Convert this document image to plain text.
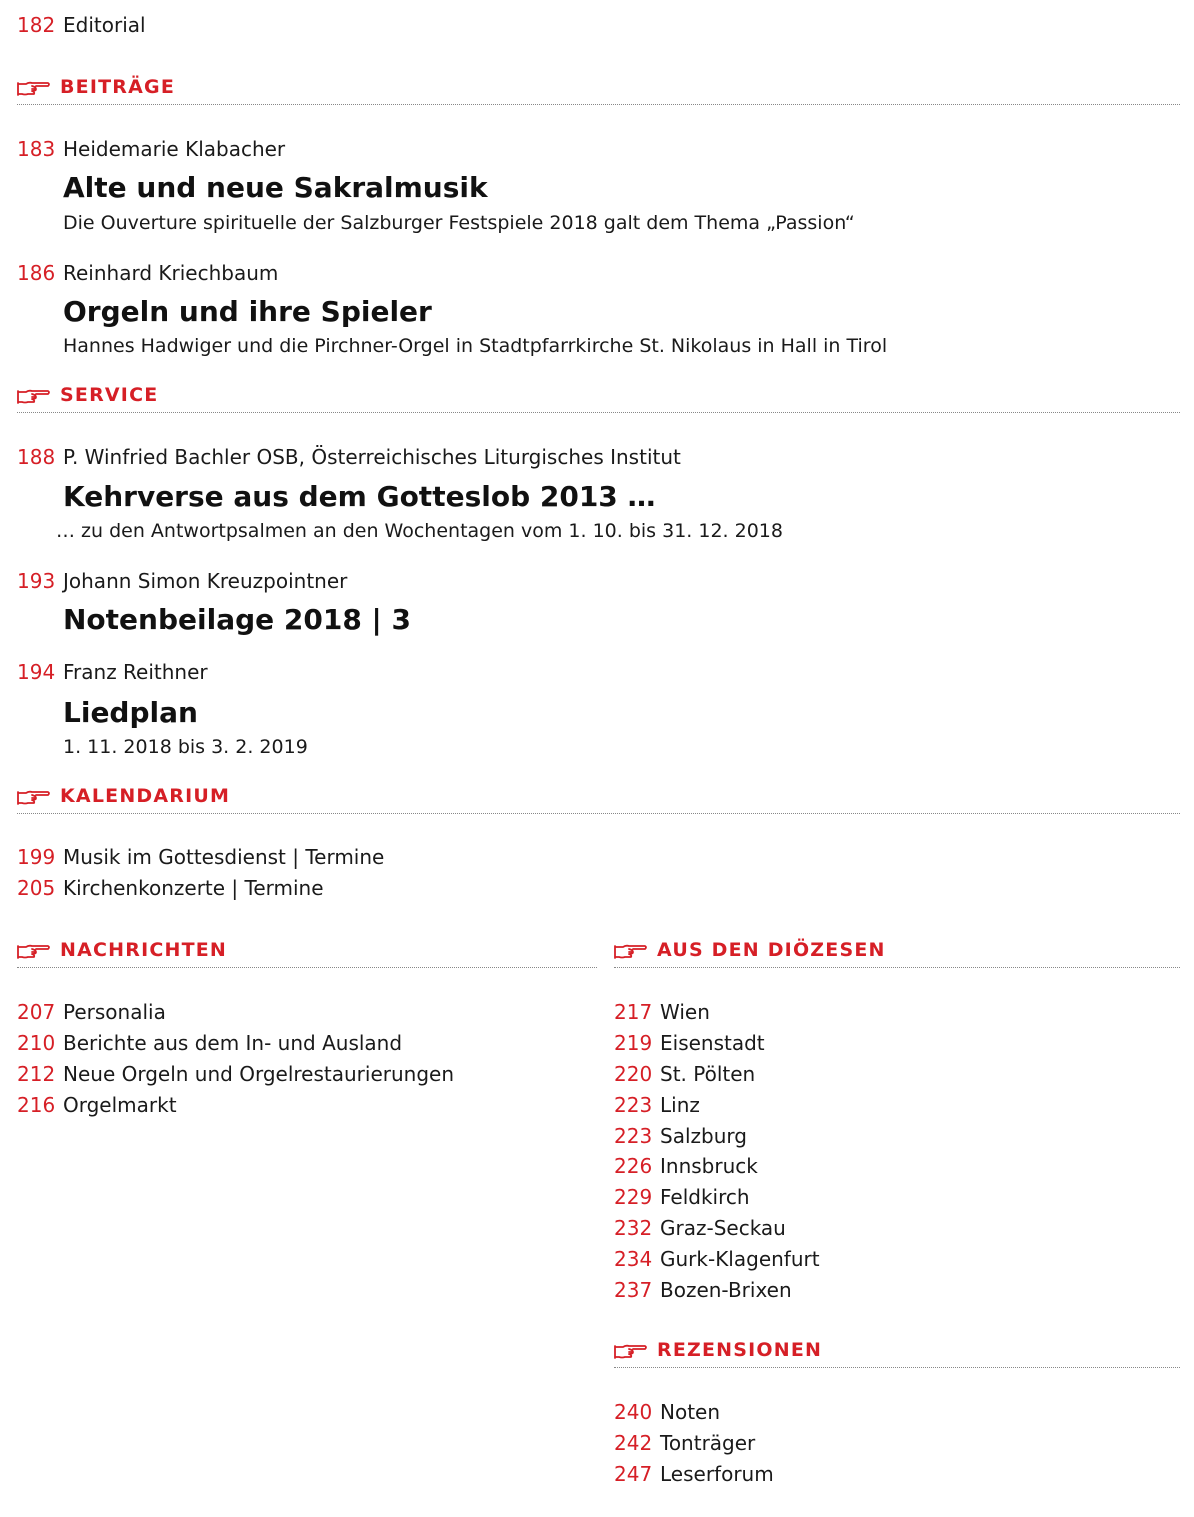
182 Editorial
BEITRÄGE
183 Heidemarie Klabacher
Alte und neue Sakralmusik
Die Ouverture spirituelle der Salzburger Festspiele 2018 galt dem Thema „Passion“
186 Reinhard Kriechbaum
Orgeln und ihre Spieler
Hannes Hadwiger und die Pirchner-Orgel in Stadtpfarrkirche St. Nikolaus in Hall in Tirol
SERVICE
188 P. Winfried Bachler OSB, Österreichisches Liturgisches Institut
Kehrverse aus dem Gotteslob 2013 …
… zu den Antwortpsalmen an den Wochentagen vom 1. 10. bis 31. 12. 2018
193 Johann Simon Kreuzpointner
Notenbeilage 2018 | 3
194 Franz Reithner
Liedplan
1. 11. 2018 bis 3. 2. 2019
KALENDARIUM
199 Musik im Gottesdienst | Termine
205 Kirchenkonzerte | Termine
NACHRICHTEN
207 Personalia
210 Berichte aus dem In- und Ausland
212 Neue Orgeln und Orgelrestaurierungen
216 Orgelmarkt
AUS DEN DIÖZESEN
217 Wien
219 Eisenstadt
220 St. Pölten
223 Linz
223 Salzburg
226 Innsbruck
229 Feldkirch
232 Graz-Seckau
234 Gurk-Klagenfurt
237 Bozen-Brixen
REZENSIONEN
240 Noten
242 Tonträger
247 Leserforum
